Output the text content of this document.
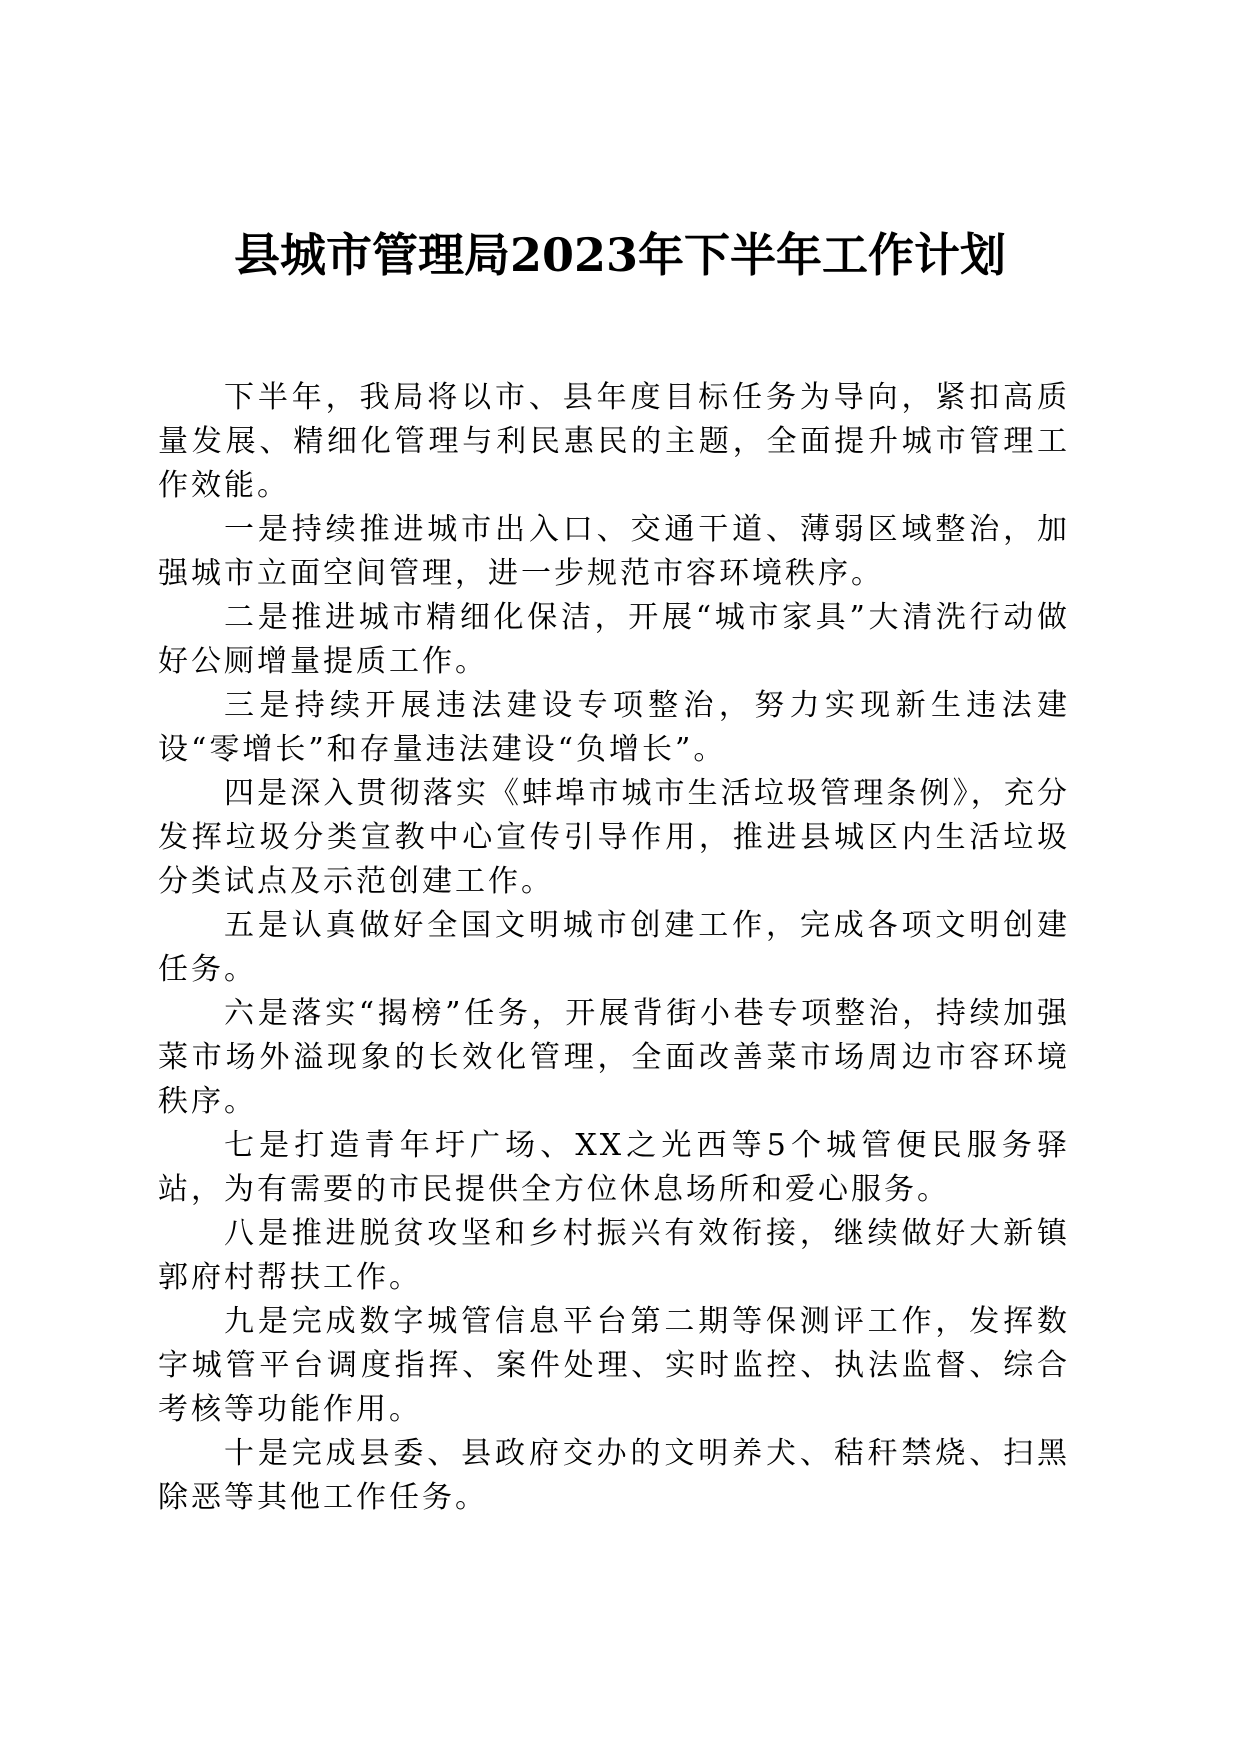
县城市管理局2023年下半年工作计划

下半年，我局将以市、县年度目标任务为导向，紧扣高质量发展、精细化管理与利民惠民的主题，全面提升城市管理工作效能。

一是持续推进城市出入口、交通干道、薄弱区域整治，加强城市立面空间管理，进一步规范市容环境秩序。

二是推进城市精细化保洁，开展“城市家具”大清洗行动做好公厕增量提质工作。

三是持续开展违法建设专项整治，努力实现新生违法建设“零增长”和存量违法建设“负增长”。

四是深入贯彻落实《蚌埠市城市生活垃圾管理条例》，充分发挥垃圾分类宣教中心宣传引导作用，推进县城区内生活垃圾分类试点及示范创建工作。

五是认真做好全国文明城市创建工作，完成各项文明创建任务。

六是落实“揭榜”任务，开展背街小巷专项整治，持续加强菜市场外溢现象的长效化管理，全面改善菜市场周边市容环境秩序。

七是打造青年圩广场、XX之光西等5个城管便民服务驿站，为有需要的市民提供全方位休息场所和爱心服务。

八是推进脱贫攻坚和乡村振兴有效衔接，继续做好大新镇郭府村帮扶工作。

九是完成数字城管信息平台第二期等保测评工作，发挥数字城管平台调度指挥、案件处理、实时监控、执法监督、综合考核等功能作用。

十是完成县委、县政府交办的文明养犬、秸秆禁烧、扫黑除恶等其他工作任务。
